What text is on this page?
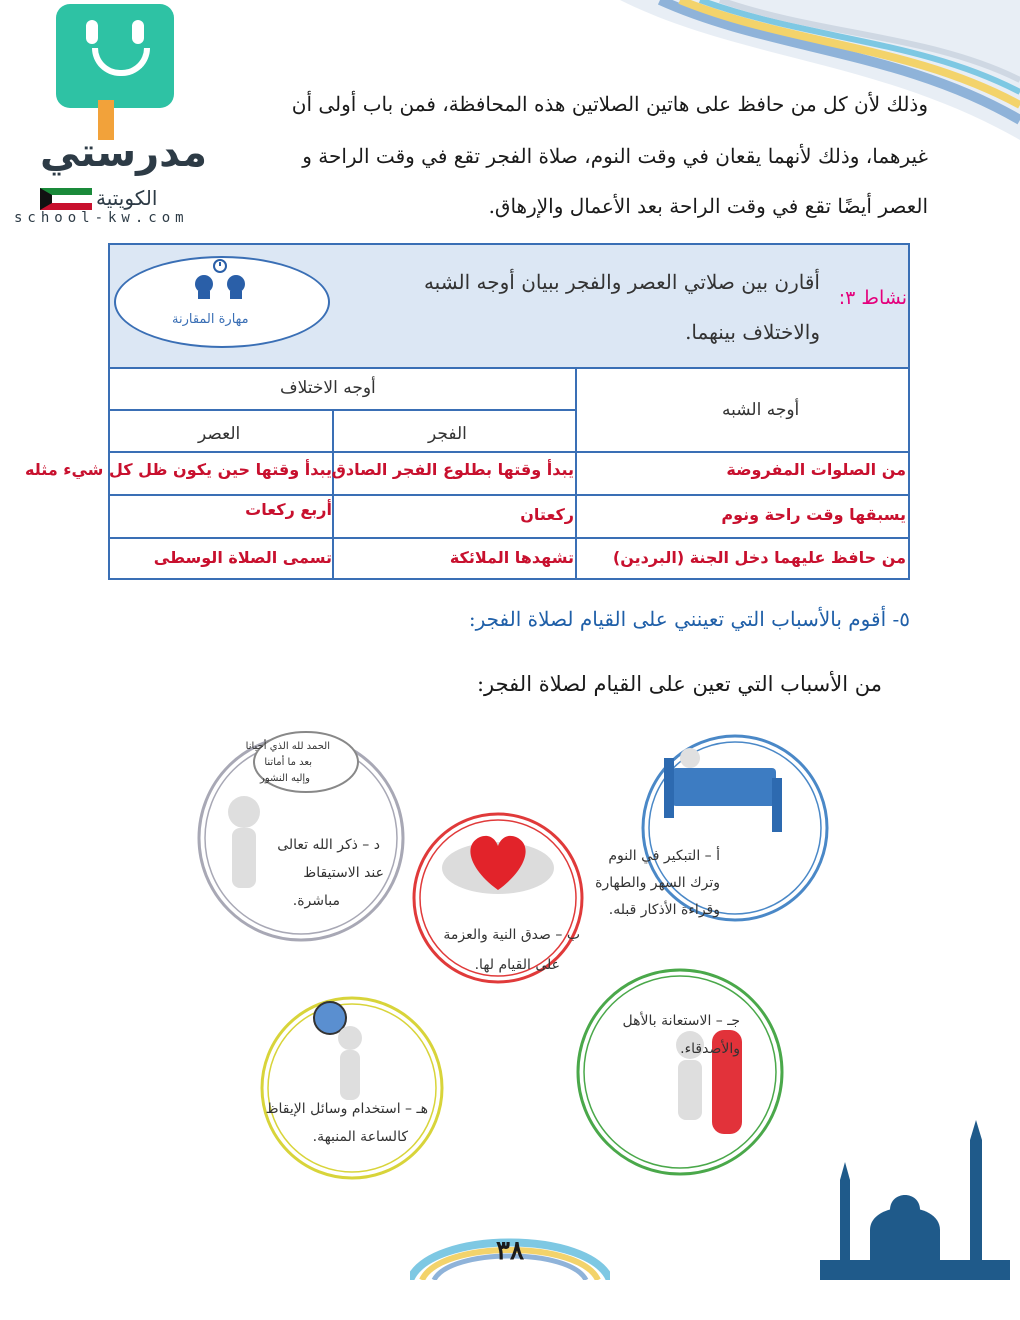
مدرستي
الكويتية
school-kw.com
وذلك لأن كل من حافظ على هاتين الصلاتين هذه المحافظة، فمن باب أولى أن
غيرهما، وذلك لأنهما يقعان في وقت النوم، صلاة الفجر تقع في وقت الراحة و
العصر أيضًا تقع في وقت الراحة بعد الأعمال والإرهاق.
نشاط ٣:
أقارن بين صلاتي العصر والفجر ببيان أوجه الشبه
والاختلاف بينهما.
مهارة المقارنة
أوجه الاختلاف
أوجه الشبه
الفجر
العصر
من الصلوات المفروضة
يبدأ وقتها بطلوع الفجر الصادق
يبدأ وقتها حين يكون ظل كل شيء مثله
يسبقها وقت راحة ونوم
ركعتان
أربع ركعات
من حافظ عليهما دخل الجنة (البردين)
تشهدها الملائكة
تسمى الصلاة الوسطى
٥- أقوم بالأسباب التي تعينني على القيام لصلاة الفجر:
من الأسباب التي تعين على القيام لصلاة الفجر:
أ – التبكير في النوم
وترك السهر والطهارة
وقراءة الأذكار قبله.
ب – صدق النية والعزمة
على القيام لها.
د – ذكر الله تعالى
عند الاستيقاظ
مباشرة.
هـ – استخدام وسائل الإيقاظ
كالساعة المنبهة.
جـ – الاستعانة بالأهل
والأصدقاء.
الحمد لله الذي أحيانا
بعد ما أماتنا
وإليه النشور
٣٨
